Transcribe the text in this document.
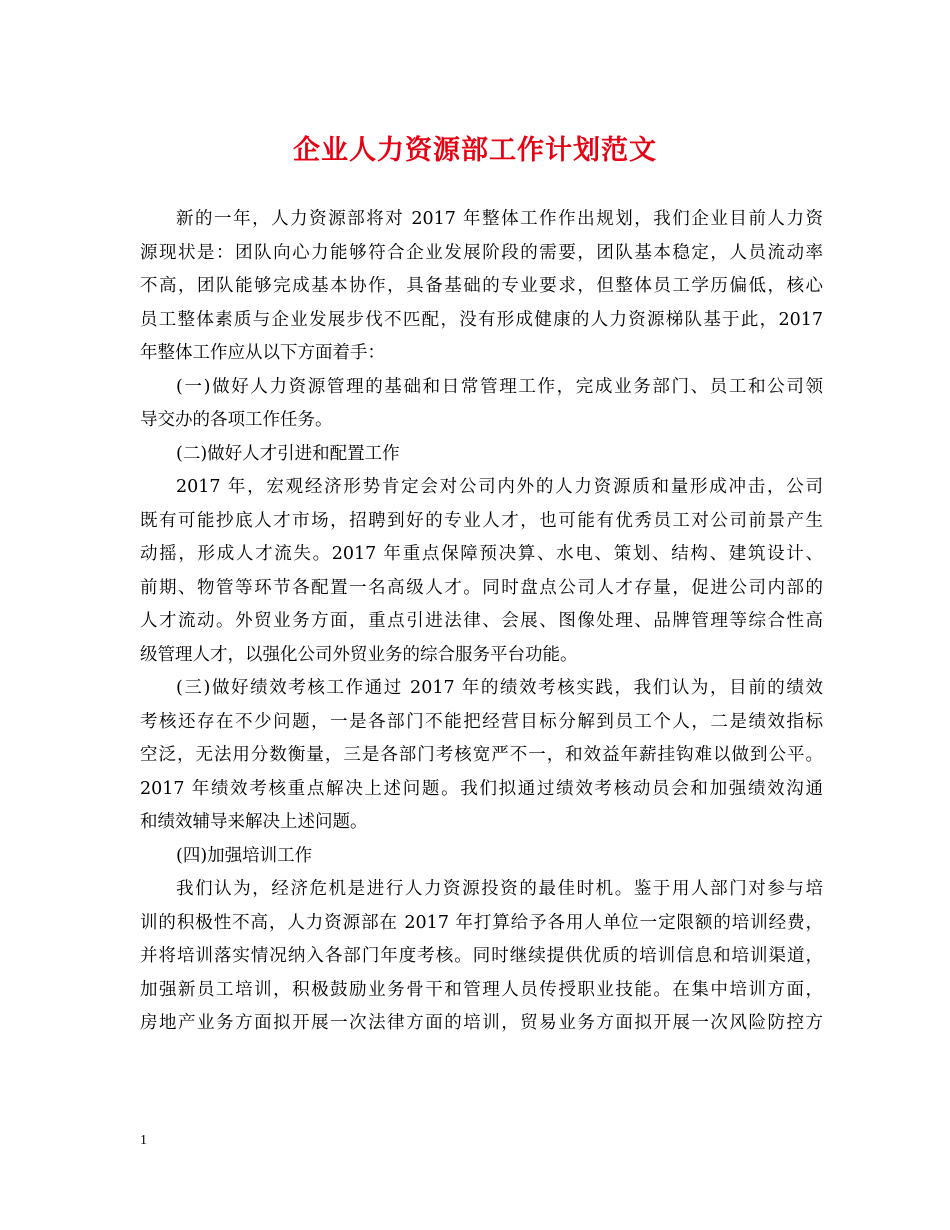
企业人力资源部工作计划范文
新的一年，人力资源部将对 2017 年整体工作作出规划，我们企业目前人力资
源现状是：团队向心力能够符合企业发展阶段的需要，团队基本稳定，人员流动率
不高，团队能够完成基本协作，具备基础的专业要求，但整体员工学历偏低，核心
员工整体素质与企业发展步伐不匹配，没有形成健康的人力资源梯队基于此，2017
年整体工作应从以下方面着手：
(一)做好人力资源管理的基础和日常管理工作，完成业务部门、员工和公司领
导交办的各项工作任务。
(二)做好人才引进和配置工作
2017 年，宏观经济形势肯定会对公司内外的人力资源质和量形成冲击，公司
既有可能抄底人才市场，招聘到好的专业人才，也可能有优秀员工对公司前景产生
动摇，形成人才流失。2017 年重点保障预决算、水电、策划、结构、建筑设计、
前期、物管等环节各配置一名高级人才。同时盘点公司人才存量，促进公司内部的
人才流动。外贸业务方面，重点引进法律、会展、图像处理、品牌管理等综合性高
级管理人才，以强化公司外贸业务的综合服务平台功能。
(三)做好绩效考核工作通过 2017 年的绩效考核实践，我们认为，目前的绩效
考核还存在不少问题，一是各部门不能把经营目标分解到员工个人，二是绩效指标
空泛，无法用分数衡量，三是各部门考核宽严不一，和效益年薪挂钩难以做到公平。
2017 年绩效考核重点解决上述问题。我们拟通过绩效考核动员会和加强绩效沟通
和绩效辅导来解决上述问题。
(四)加强培训工作
我们认为，经济危机是进行人力资源投资的最佳时机。鉴于用人部门对参与培
训的积极性不高，人力资源部在 2017 年打算给予各用人单位一定限额的培训经费，
并将培训落实情况纳入各部门年度考核。同时继续提供优质的培训信息和培训渠道，
加强新员工培训，积极鼓励业务骨干和管理人员传授职业技能。在集中培训方面，
房地产业务方面拟开展一次法律方面的培训，贸易业务方面拟开展一次风险防控方
1
